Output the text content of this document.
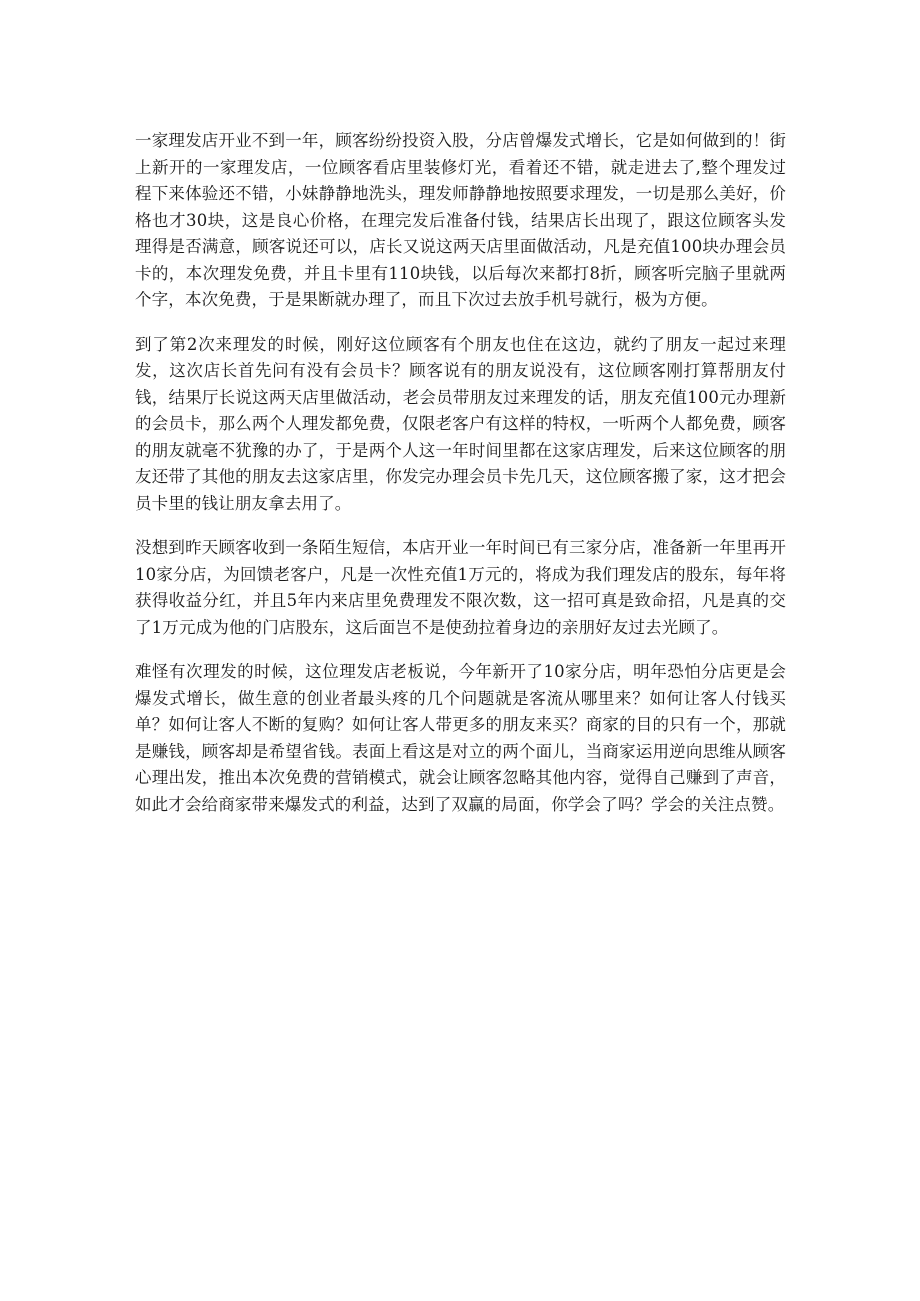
一家理发店开业不到一年，顾客纷纷投资入股，分店曾爆发式增长，它是如何做到的！街上新开的一家理发店，一位顾客看店里装修灯光，看着还不错，就走进去了,整个理发过程下来体验还不错，小妹静静地洗头，理发师静静地按照要求理发，一切是那么美好，价格也才30块，这是良心价格，在理完发后准备付钱，结果店长出现了，跟这位顾客头发理得是否满意，顾客说还可以，店长又说这两天店里面做活动，凡是充值100块办理会员卡的，本次理发免费，并且卡里有110块钱，以后每次来都打8折，顾客听完脑子里就两个字，本次免费，于是果断就办理了，而且下次过去放手机号就行，极为方便。

到了第2次来理发的时候，刚好这位顾客有个朋友也住在这边，就约了朋友一起过来理发，这次店长首先问有没有会员卡？顾客说有的朋友说没有，这位顾客刚打算帮朋友付钱，结果厅长说这两天店里做活动，老会员带朋友过来理发的话，朋友充值100元办理新的会员卡，那么两个人理发都免费，仅限老客户有这样的特权，一听两个人都免费，顾客的朋友就毫不犹豫的办了，于是两个人这一年时间里都在这家店理发，后来这位顾客的朋友还带了其他的朋友去这家店里，你发完办理会员卡先几天，这位顾客搬了家，这才把会员卡里的钱让朋友拿去用了。

没想到昨天顾客收到一条陌生短信，本店开业一年时间已有三家分店，准备新一年里再开10家分店，为回馈老客户，凡是一次性充值1万元的，将成为我们理发店的股东，每年将获得收益分红，并且5年内来店里免费理发不限次数，这一招可真是致命招，凡是真的交了1万元成为他的门店股东，这后面岂不是使劲拉着身边的亲朋好友过去光顾了。

难怪有次理发的时候，这位理发店老板说，今年新开了10家分店，明年恐怕分店更是会爆发式增长，做生意的创业者最头疼的几个问题就是客流从哪里来？如何让客人付钱买单？如何让客人不断的复购？如何让客人带更多的朋友来买？商家的目的只有一个，那就是赚钱，顾客却是希望省钱。表面上看这是对立的两个面儿，当商家运用逆向思维从顾客心理出发，推出本次免费的营销模式，就会让顾客忽略其他内容，觉得自己赚到了声音，如此才会给商家带来爆发式的利益，达到了双赢的局面，你学会了吗？学会的关注点赞。
